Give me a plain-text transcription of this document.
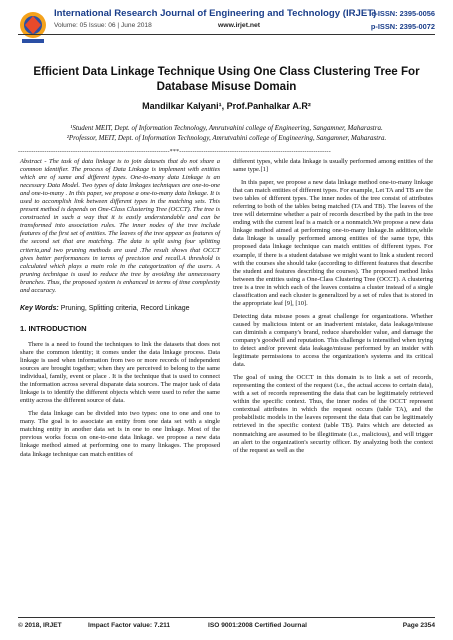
International Research Journal of Engineering and Technology (IRJET)
e-ISSN: 2395-0056
Volume: 05 Issue: 06 | June 2018	www.irjet.net	p-ISSN: 2395-0072
Efficient Data Linkage Technique Using One Class Clustering Tree For Database Misuse Domain
Mandilkar Kalyani¹, Prof.Panhalkar A.R²
¹Student MEIT, Dept. of Information Technology, Amrutvahini college of Engineering, Sangamner, Maharastra.
²Professor, MEIT, Dept. of Information Technology, Amrutvahini college of Engineering, Sangamner, Maharastra.
---------------------------------------------------------------------***---------------------------------------------------------------------

Abstract - The task of data linkage is to join datasets that do not share a common identifier. The process of Data Linkage is implement with entities which are of same and different types. One-to-many data Linkage is an necessary Data Model. Two types of data linkages techniques are one-to-one and one-to-many . In this paper, we propose a one-to-many data linkage. It is used to accomplish link between different types in the matching sets. This present method is depends on One-Class Clustering Tree (OCCT). The tree is constructed in such a way that it is easily understandable and can be transformed into association rules. The inner nodes of the tree include features of the first set of entities. The leaves of the tree appear as features of the second set that are matching. The data is split using four splitting criteria,and two pruning methods are used .The result shows that OCCT gives better performances in terms of precision and recall.A threshold is calculated which plays a main role in the categorization of the users. A pruning technique is used to reduce the tree by avoiding the unnecessary branches. Thus, the proposed system is enhanced in terms of time complexity and accuracy.

Key Words: Pruning, Splitting criteria, Record Linkage

1. INTRODUCTION

There is a need to found the techniques to link the datasets that does not share the common identity; it comes under the data linkage process. Data linkage is used when information from two or more records of independent sources are brought together; when they are perceived to belong to the same individual, family, event or place . It is the technique that is used to connect the information across several disparate data sources. The major task of data linkage is to identify the different objects which were used to refer the same entity across the different source of data.

The data linkage can be divided into two types: one to one and one to many. The goal is to associate an entity from one data set with a single matching entity in another data set is in one to one linkage. Most of the previous works focus on one-to-one data linkage. we propose a new data linkage method aimed at performing one to many linkages. The proposed data linkage technique can match entities of

different types, while data linkage is usually performed among entities of the same type.[1]

In this paper, we propose a new data linkage method one-to-many linkage that can match entities of different types. For example, Let TA and TB are the two tables of different types. The inner nodes of the tree consist of attributes referring to both of the tables being matched (TA and TB). The leaves of the tree will determine whether a pair of records described by the path in the tree ending with the current leaf is a match or a nonmatch.We propose a new data linkage method aimed at performing one-to-many linkage.In addition,while data linkage is usually performed among entities of the same type, this proposed data linkage technique can match entities of different types. For example, if there is a student database we might want to link a student record with the courses she should take (according to different features that describe the student and features describing the courses). The proposed method links between the entities using a One-Class Clustering Tree (OCCT). A clustering tree is a tree in which each of the leaves contains a cluster instead of a single classification and each cluster is generalized by a set of rules that is stored in the appropriate leaf [9], [10].

Detecting data misuse poses a great challenge for organizations. Whether caused by malicious intent or an inadvertent mistake, data leakage/misuse can diminish a company's brand, reduce shareholder value, and damage the company's goodwill and reputation. This challenge is intensified when trying to detect and/or prevent data leakage/misuse performed by an insider with legitimate permissions to access the organization's systems and its critical data.

The goal of using the OCCT in this domain is to link a set of records, representing the context of the request (i.e., the actual access to certain data), with a set of records representing the data that can be legitimately retrieved within the specific context. Thus, the inner nodes of the OCCT represent contextual attributes in which the request occurs (table TA), and the probabilistic models in the leaves represent the data that can be legitimately retrieved in the specific context (table TB). Pairs which are detected as nonmatching are assumed to be illegitimate (i.e., malicious), and will trigger an alert to the organization's security officer. By analyzing both the context of the request as well as the

© 2018, IRJET	Impact Factor value: 7.211	ISO 9001:2008 Certified Journal	Page 2354
